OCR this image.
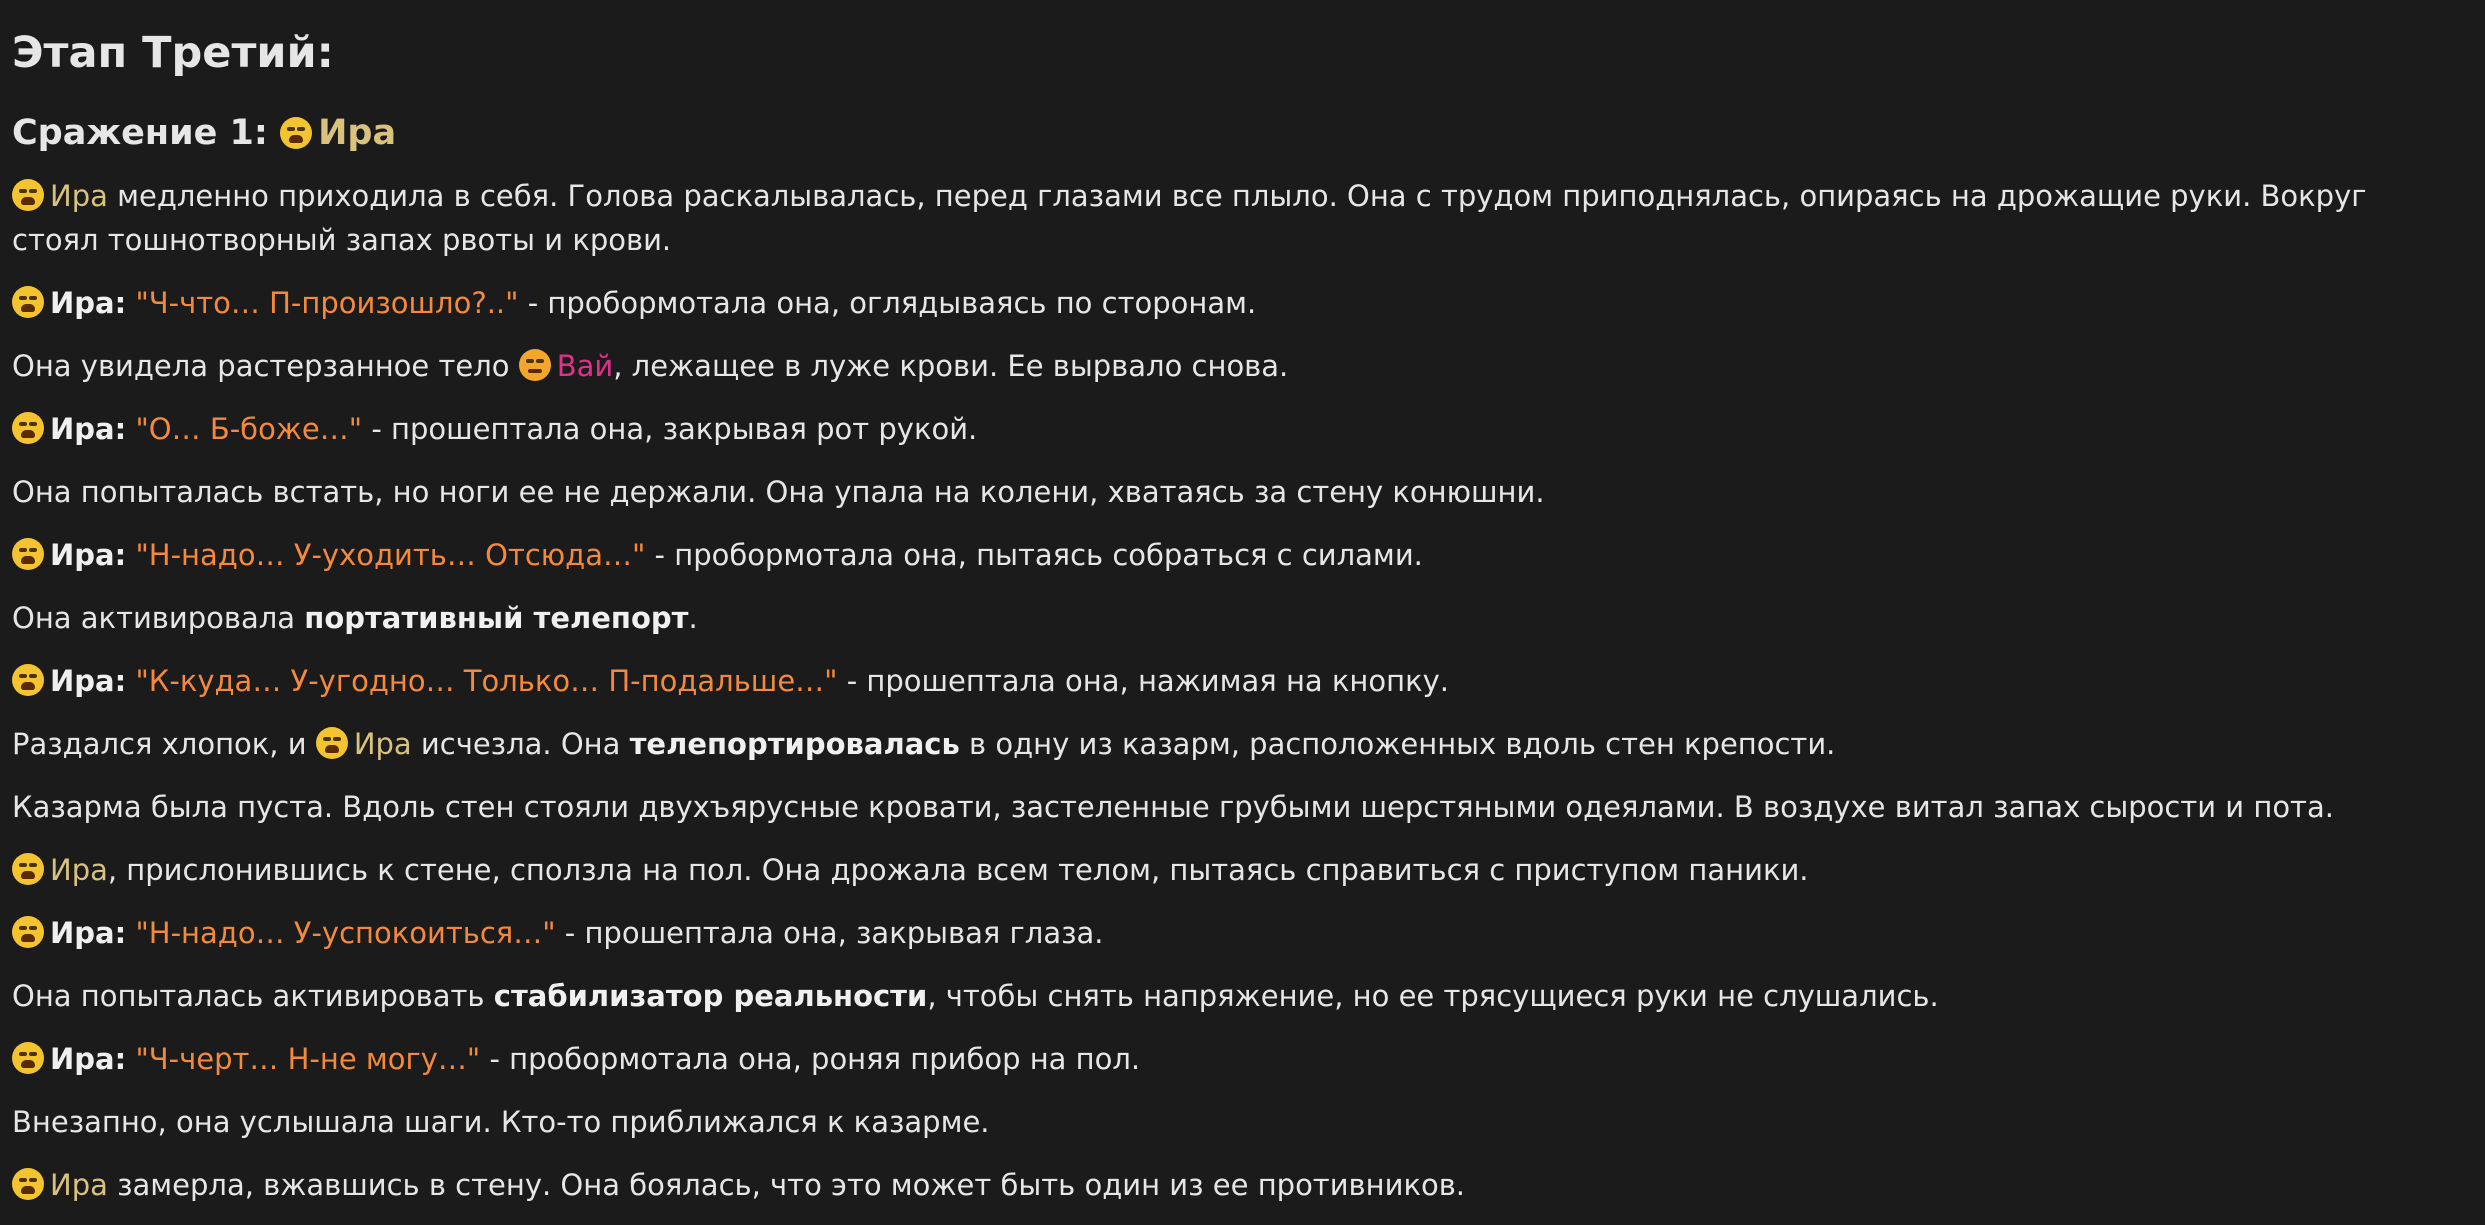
Этап Третий:
Сражение 1: Ира

Ира медленно приходила в себя. Голова раскалывалась, перед глазами все плыло. Она с трудом приподнялась, опираясь на дрожащие руки. Вокруг стоял тошнотворный запах рвоты и крови.

Ира: "Ч-что… П-произошло?.." - пробормотала она, оглядываясь по сторонам.

Она увидела растерзанное тело
Вай, лежащее в луже крови. Ее вырвало снова.

Ира: "О… Б-боже…" - прошептала она, закрывая рот рукой.

Она попыталась встать, но ноги ее не держали. Она упала на колени, хватаясь за стену конюшни.

Ира: "Н-надо… У-уходить… Отсюда…" - пробормотала она, пытаясь собраться с силами.

Она активировала портативный телепорт.

Ира: "К-куда… У-угодно… Только… П-подальше…" - прошептала она, нажимая на кнопку.

Раздался хлопок, и
Ира исчезла. Она телепортировалась в одну из казарм, расположенных вдоль стен крепости.

Казарма была пуста. Вдоль стен стояли двухъярусные кровати, застеленные грубыми шерстяными одеялами. В воздухе витал запах сырости и пота.

Ира, прислонившись к стене, сползла на пол. Она дрожала всем телом, пытаясь справиться с приступом паники.

Ира: "Н-надо… У-успокоиться…" - прошептала она, закрывая глаза.

Она попыталась активировать стабилизатор реальности, чтобы снять напряжение, но ее трясущиеся руки не слушались.

Ира: "Ч-черт… Н-не могу…" - пробормотала она, роняя прибор на пол.

Внезапно, она услышала шаги. Кто-то приближался к казарме.

Ира замерла, вжавшись в стену. Она боялась, что это может быть один из ее противников.
